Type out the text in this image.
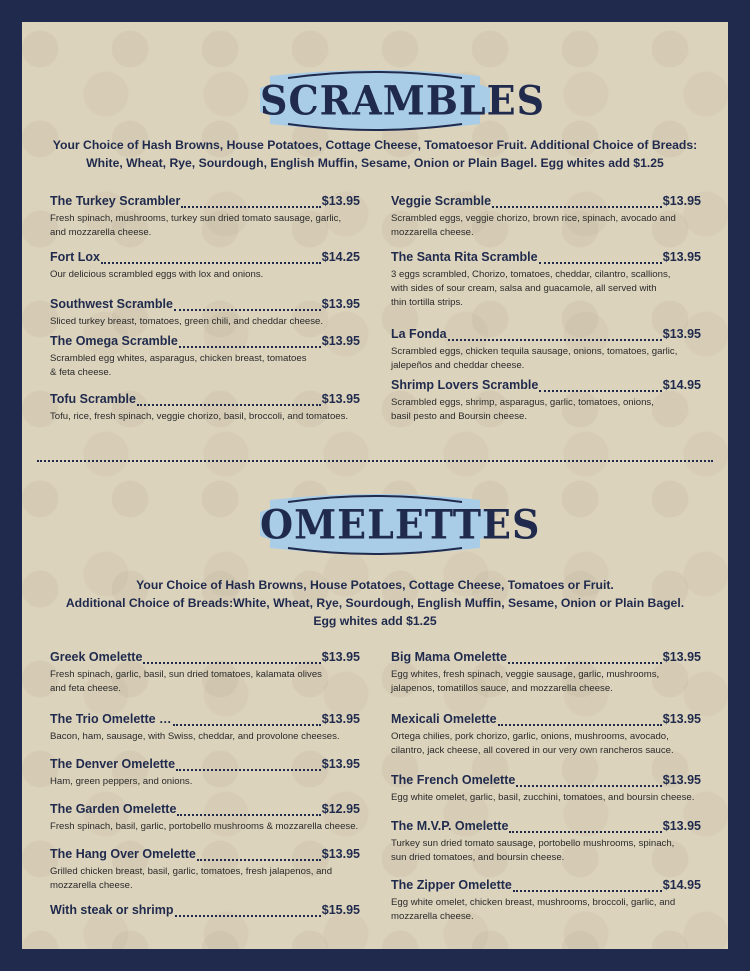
SCRAMBLES
Your Choice of Hash Browns, House Potatoes, Cottage Cheese, Tomatoesor Fruit. Additional Choice of Breads:
White, Wheat, Rye, Sourdough, English Muffin, Sesame, Onion or Plain Bagel. Egg whites add $1.25
The Turkey Scrambler	$13.95
Fresh spinach, mushrooms, turkey sun dried tomato sausage, garlic,
and mozzarella cheese.
Fort Lox	$14.25
Our delicious scrambled eggs with lox and onions.
Southwest Scramble	$13.95
Sliced turkey breast, tomatoes, green chili, and cheddar cheese.
The Omega Scramble	$13.95
Scrambled egg whites, asparagus, chicken breast, tomatoes
& feta cheese.
Tofu Scramble	$13.95
Tofu, rice, fresh spinach, veggie chorizo, basil, broccoli, and tomatoes.
Veggie Scramble	$13.95
Scrambled eggs, veggie chorizo, brown rice, spinach, avocado and
mozzarella cheese.
The Santa Rita Scramble	$13.95
3 eggs scrambled, Chorizo, tomatoes, cheddar, cilantro, scallions,
with sides of sour cream, salsa and guacamole, all served with
thin tortilla strips.
La Fonda	$13.95
Scrambled eggs, chicken tequila sausage, onions, tomatoes, garlic,
jalepeños and cheddar cheese.
Shrimp Lovers Scramble	$14.95
Scrambled eggs, shrimp, asparagus, garlic, tomatoes, onions,
basil pesto and Boursin cheese.
OMELETTES
Your Choice of Hash Browns, House Potatoes, Cottage Cheese, Tomatoes or Fruit.
Additional Choice of Breads:White, Wheat, Rye, Sourdough, English Muffin, Sesame, Onion or Plain Bagel.
Egg whites add $1.25
Greek Omelette	$13.95
Fresh spinach, garlic, basil, sun dried tomatoes, kalamata olives
and feta cheese.
The Trio Omelette …	$13.95
Bacon, ham, sausage, with Swiss, cheddar, and provolone cheeses.
The Denver Omelette	$13.95
Ham, green peppers, and onions.
The Garden Omelette	$12.95
Fresh spinach, basil, garlic, portobello mushrooms & mozzarella cheese.
The Hang Over Omelette	$13.95
Grilled chicken breast, basil, garlic, tomatoes, fresh jalapenos, and
mozzarella cheese.
With steak or shrimp	$15.95
Big Mama Omelette	$13.95
Egg whites, fresh spinach, veggie sausage, garlic, mushrooms,
jalapenos, tomatillos sauce, and mozzarella cheese.
Mexicali Omelette	$13.95
Ortega chilies, pork chorizo, garlic, onions, mushrooms, avocado,
cilantro, jack cheese, all covered in our very own rancheros sauce.
The French Omelette	$13.95
Egg white omelet, garlic, basil, zucchini, tomatoes, and boursin cheese.
The M.V.P. Omelette	$13.95
Turkey sun dried tomato sausage, portobello mushrooms, spinach,
sun dried tomatoes, and boursin cheese.
The Zipper Omelette	$14.95
Egg white omelet, chicken breast, mushrooms, broccoli, garlic, and
mozzarella cheese.
